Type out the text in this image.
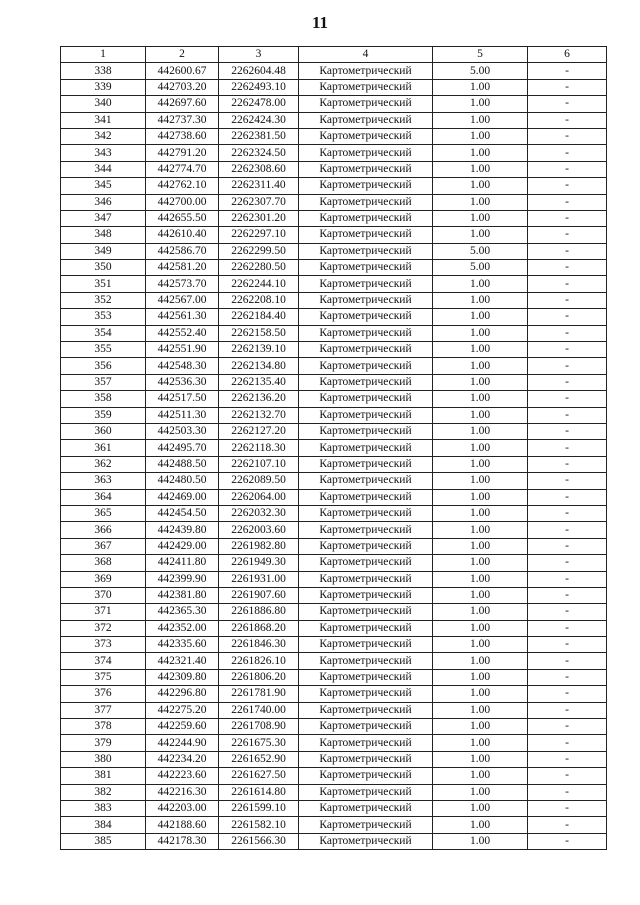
11
1	2	3	4	5	6
338	442600.67	2262604.48	Картометрический	5.00	-
339	442703.20	2262493.10	Картометрический	1.00	-
340	442697.60	2262478.00	Картометрический	1.00	-
341	442737.30	2262424.30	Картометрический	1.00	-
342	442738.60	2262381.50	Картометрический	1.00	-
343	442791.20	2262324.50	Картометрический	1.00	-
344	442774.70	2262308.60	Картометрический	1.00	-
345	442762.10	2262311.40	Картометрический	1.00	-
346	442700.00	2262307.70	Картометрический	1.00	-
347	442655.50	2262301.20	Картометрический	1.00	-
348	442610.40	2262297.10	Картометрический	1.00	-
349	442586.70	2262299.50	Картометрический	5.00	-
350	442581.20	2262280.50	Картометрический	5.00	-
351	442573.70	2262244.10	Картометрический	1.00	-
352	442567.00	2262208.10	Картометрический	1.00	-
353	442561.30	2262184.40	Картометрический	1.00	-
354	442552.40	2262158.50	Картометрический	1.00	-
355	442551.90	2262139.10	Картометрический	1.00	-
356	442548.30	2262134.80	Картометрический	1.00	-
357	442536.30	2262135.40	Картометрический	1.00	-
358	442517.50	2262136.20	Картометрический	1.00	-
359	442511.30	2262132.70	Картометрический	1.00	-
360	442503.30	2262127.20	Картометрический	1.00	-
361	442495.70	2262118.30	Картометрический	1.00	-
362	442488.50	2262107.10	Картометрический	1.00	-
363	442480.50	2262089.50	Картометрический	1.00	-
364	442469.00	2262064.00	Картометрический	1.00	-
365	442454.50	2262032.30	Картометрический	1.00	-
366	442439.80	2262003.60	Картометрический	1.00	-
367	442429.00	2261982.80	Картометрический	1.00	-
368	442411.80	2261949.30	Картометрический	1.00	-
369	442399.90	2261931.00	Картометрический	1.00	-
370	442381.80	2261907.60	Картометрический	1.00	-
371	442365.30	2261886.80	Картометрический	1.00	-
372	442352.00	2261868.20	Картометрический	1.00	-
373	442335.60	2261846.30	Картометрический	1.00	-
374	442321.40	2261826.10	Картометрический	1.00	-
375	442309.80	2261806.20	Картометрический	1.00	-
376	442296.80	2261781.90	Картометрический	1.00	-
377	442275.20	2261740.00	Картометрический	1.00	-
378	442259.60	2261708.90	Картометрический	1.00	-
379	442244.90	2261675.30	Картометрический	1.00	-
380	442234.20	2261652.90	Картометрический	1.00	-
381	442223.60	2261627.50	Картометрический	1.00	-
382	442216.30	2261614.80	Картометрический	1.00	-
383	442203.00	2261599.10	Картометрический	1.00	-
384	442188.60	2261582.10	Картометрический	1.00	-
385	442178.30	2261566.30	Картометрический	1.00	-
